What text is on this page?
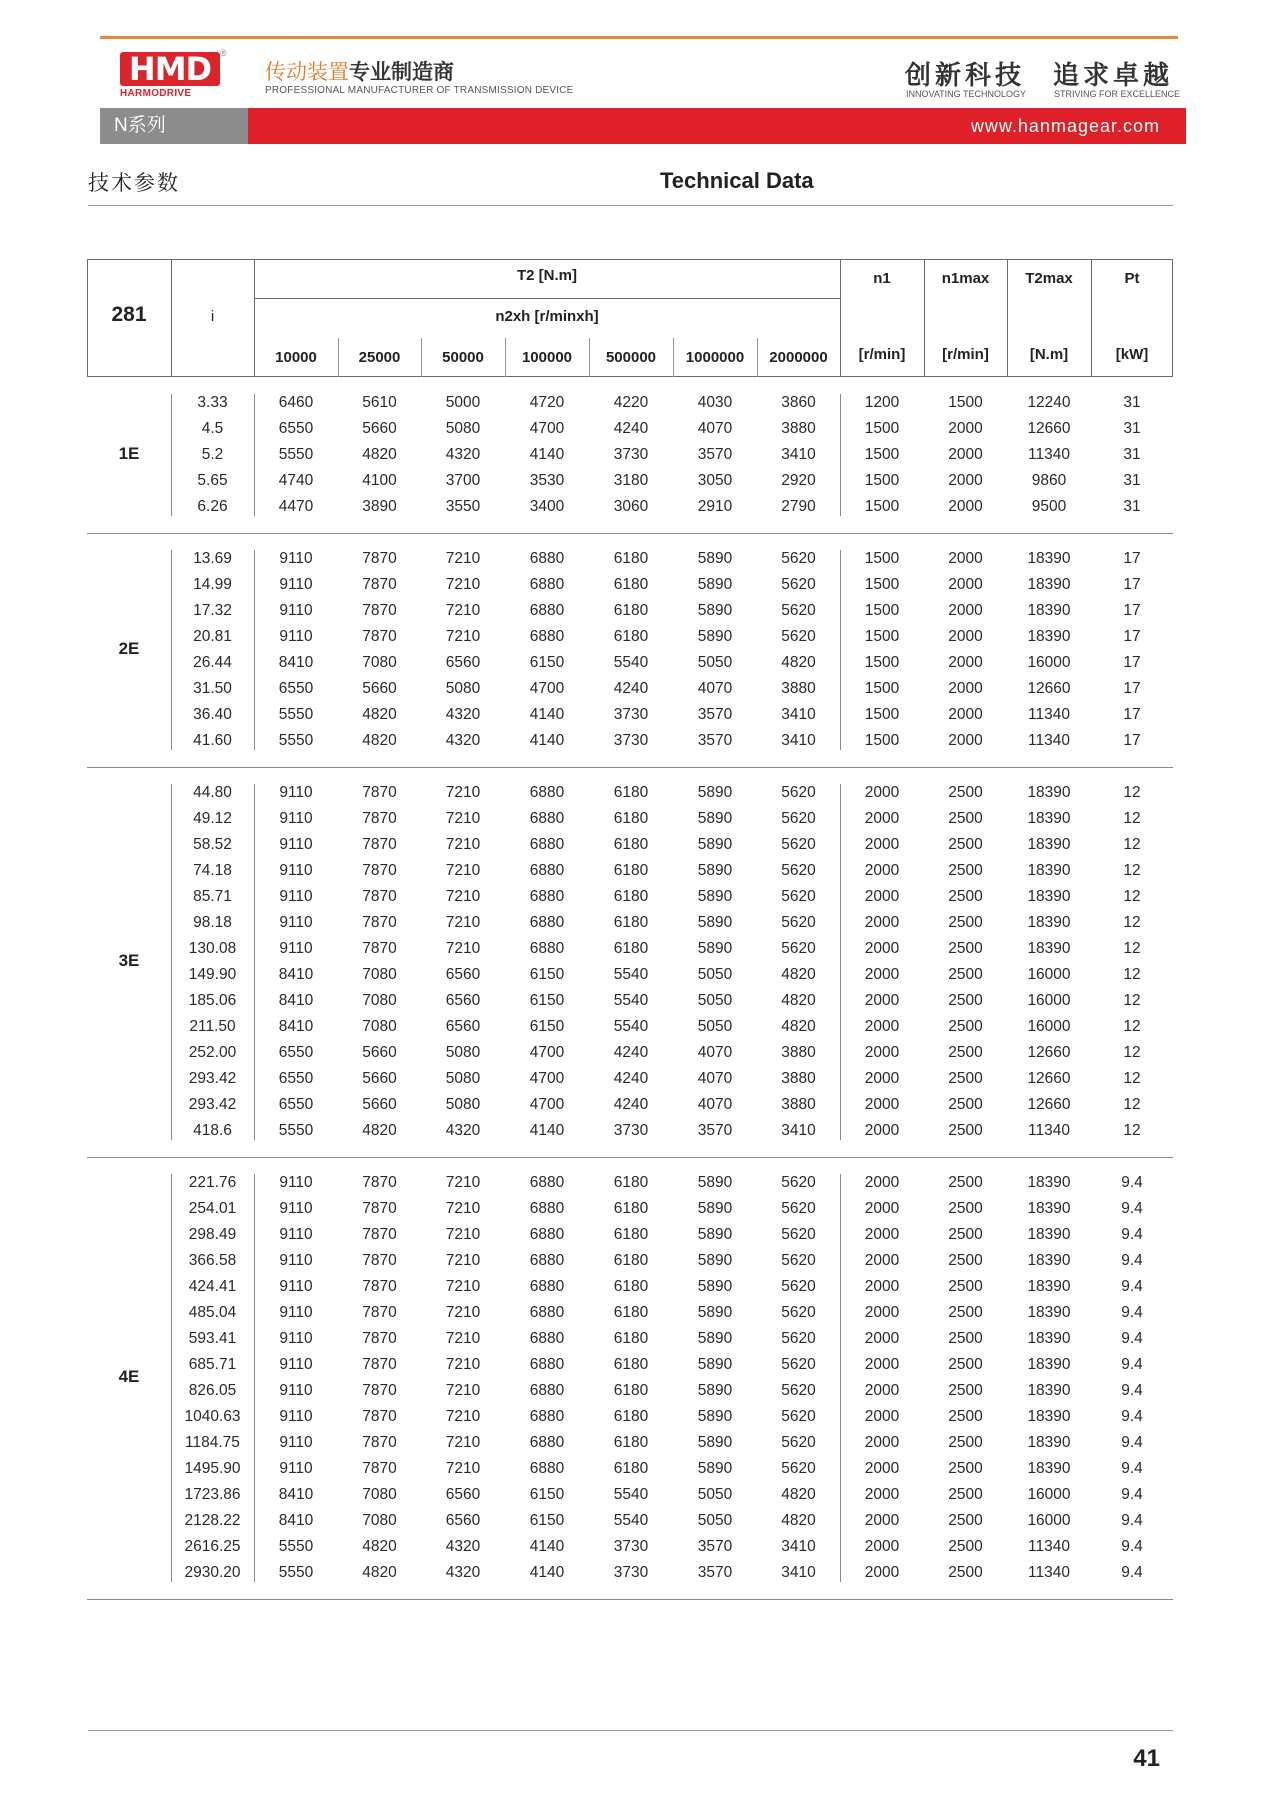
HMD ®
HARMODRIVE
传动装置专业制造商
PROFESSIONAL MANUFACTURER OF TRANSMISSION DEVICE	创新科技
INNOVATING TECHNOLOGY
追求卓越
STRIVING FOR EXCELLENCE
N系列	www.hanmagear.com
技术参数	Technical Data
281	i
T2 [N.m]
n2xh [r/minxh]
10000	25000	50000	100000	500000	1000000	2000000
n1
[r/min]
n1max
[r/min]
T2max
[N.m]
Pt
[kW]
3.33	6460	5610	5000	4720	4220	4030	3860	1200	1500	12240	31
4.5	6550	5660	5080	4700	4240	4070	3880	1500	2000	12660	31
5.2	5550	4820	4320	4140	3730	3570	3410	1500	2000	11340	31
5.65	4740	4100	3700	3530	3180	3050	2920	1500	2000	9860	31
6.26	4470	3890	3550	3400	3060	2910	2790	1500	2000	9500	31
1E
13.69	9110	7870	7210	6880	6180	5890	5620	1500	2000	18390	17
14.99	9110	7870	7210	6880	6180	5890	5620	1500	2000	18390	17
17.32	9110	7870	7210	6880	6180	5890	5620	1500	2000	18390	17
20.81	9110	7870	7210	6880	6180	5890	5620	1500	2000	18390	17
26.44	8410	7080	6560	6150	5540	5050	4820	1500	2000	16000	17
31.50	6550	5660	5080	4700	4240	4070	3880	1500	2000	12660	17
36.40	5550	4820	4320	4140	3730	3570	3410	1500	2000	11340	17
41.60	5550	4820	4320	4140	3730	3570	3410	1500	2000	11340	17
2E
44.80	9110	7870	7210	6880	6180	5890	5620	2000	2500	18390	12
49.12	9110	7870	7210	6880	6180	5890	5620	2000	2500	18390	12
58.52	9110	7870	7210	6880	6180	5890	5620	2000	2500	18390	12
74.18	9110	7870	7210	6880	6180	5890	5620	2000	2500	18390	12
85.71	9110	7870	7210	6880	6180	5890	5620	2000	2500	18390	12
98.18	9110	7870	7210	6880	6180	5890	5620	2000	2500	18390	12
130.08	9110	7870	7210	6880	6180	5890	5620	2000	2500	18390	12
149.90	8410	7080	6560	6150	5540	5050	4820	2000	2500	16000	12
185.06	8410	7080	6560	6150	5540	5050	4820	2000	2500	16000	12
211.50	8410	7080	6560	6150	5540	5050	4820	2000	2500	16000	12
252.00	6550	5660	5080	4700	4240	4070	3880	2000	2500	12660	12
293.42	6550	5660	5080	4700	4240	4070	3880	2000	2500	12660	12
293.42	6550	5660	5080	4700	4240	4070	3880	2000	2500	12660	12
418.6	5550	4820	4320	4140	3730	3570	3410	2000	2500	11340	12
3E
221.76	9110	7870	7210	6880	6180	5890	5620	2000	2500	18390	9.4
254.01	9110	7870	7210	6880	6180	5890	5620	2000	2500	18390	9.4
298.49	9110	7870	7210	6880	6180	5890	5620	2000	2500	18390	9.4
366.58	9110	7870	7210	6880	6180	5890	5620	2000	2500	18390	9.4
424.41	9110	7870	7210	6880	6180	5890	5620	2000	2500	18390	9.4
485.04	9110	7870	7210	6880	6180	5890	5620	2000	2500	18390	9.4
593.41	9110	7870	7210	6880	6180	5890	5620	2000	2500	18390	9.4
685.71	9110	7870	7210	6880	6180	5890	5620	2000	2500	18390	9.4
826.05	9110	7870	7210	6880	6180	5890	5620	2000	2500	18390	9.4
1040.63	9110	7870	7210	6880	6180	5890	5620	2000	2500	18390	9.4
1184.75	9110	7870	7210	6880	6180	5890	5620	2000	2500	18390	9.4
1495.90	9110	7870	7210	6880	6180	5890	5620	2000	2500	18390	9.4
1723.86	8410	7080	6560	6150	5540	5050	4820	2000	2500	16000	9.4
2128.22	8410	7080	6560	6150	5540	5050	4820	2000	2500	16000	9.4
2616.25	5550	4820	4320	4140	3730	3570	3410	2000	2500	11340	9.4
2930.20	5550	4820	4320	4140	3730	3570	3410	2000	2500	11340	9.4
4E
41
